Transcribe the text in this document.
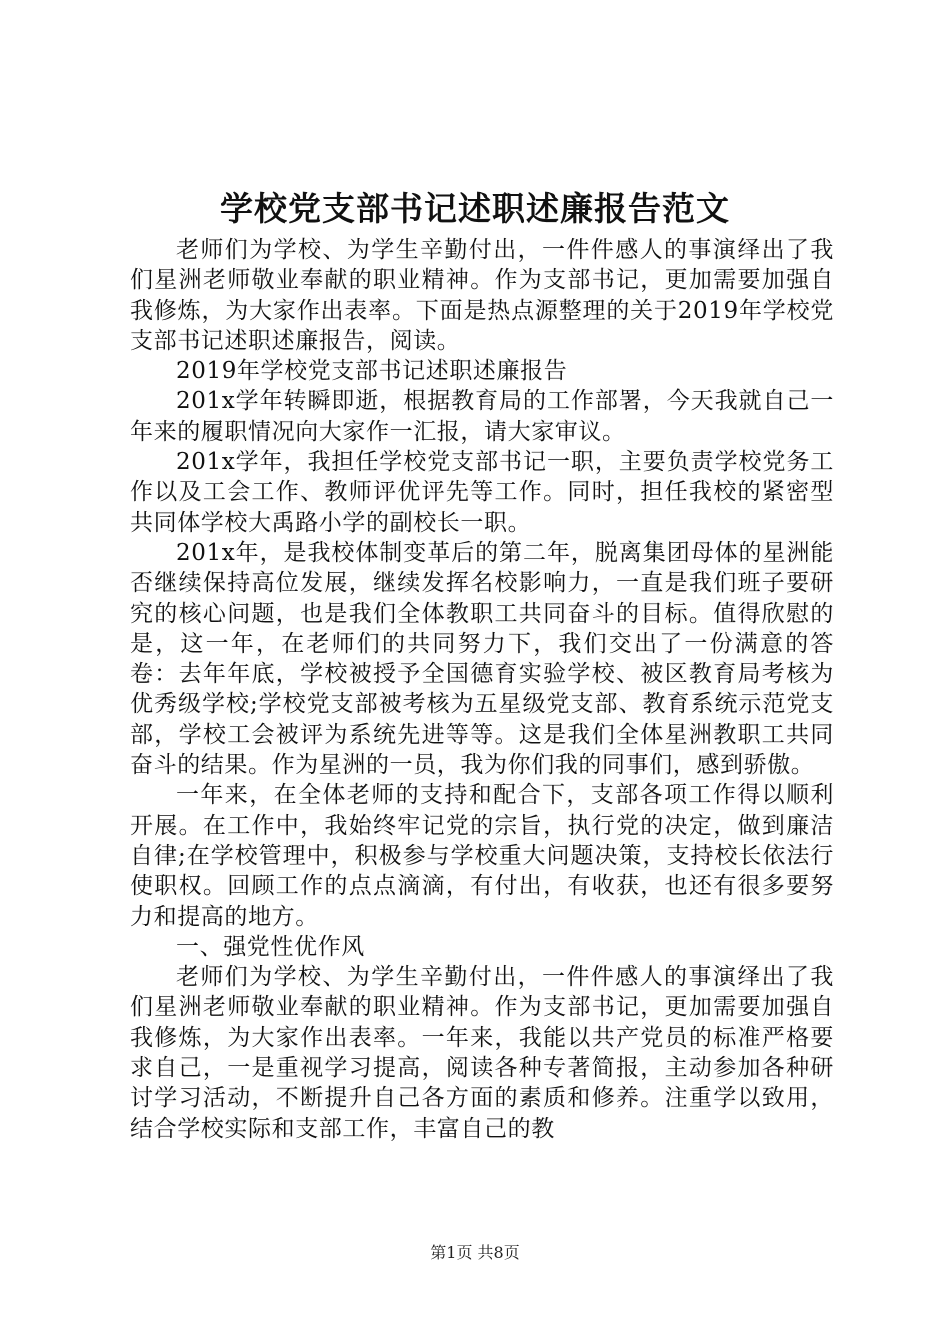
学校党支部书记述职述廉报告范文

老师们为学校、为学生辛勤付出，一件件感人的事演绎出了我们星洲老师敬业奉献的职业精神。作为支部书记，更加需要加强自我修炼，为大家作出表率。下面是热点源整理的关于2019年学校党支部书记述职述廉报告，阅读。

2019年学校党支部书记述职述廉报告

201x学年转瞬即逝，根据教育局的工作部署，今天我就自己一年来的履职情况向大家作一汇报，请大家审议。

201x学年，我担任学校党支部书记一职，主要负责学校党务工作以及工会工作、教师评优评先等工作。同时，担任我校的紧密型共同体学校大禹路小学的副校长一职。

201x年，是我校体制变革后的第二年，脱离集团母体的星洲能否继续保持高位发展，继续发挥名校影响力，一直是我们班子要研究的核心问题，也是我们全体教职工共同奋斗的目标。值得欣慰的是，这一年，在老师们的共同努力下，我们交出了一份满意的答卷：去年年底，学校被授予全国德育实验学校、被区教育局考核为优秀级学校;学校党支部被考核为五星级党支部、教育系统示范党支部，学校工会被评为系统先进等等。这是我们全体星洲教职工共同奋斗的结果。作为星洲的一员，我为你们我的同事们，感到骄傲。

一年来，在全体老师的支持和配合下，支部各项工作得以顺利开展。在工作中，我始终牢记党的宗旨，执行党的决定，做到廉洁自律;在学校管理中，积极参与学校重大问题决策，支持校长依法行使职权。回顾工作的点点滴滴，有付出，有收获，也还有很多要努力和提高的地方。

一、强党性优作风

老师们为学校、为学生辛勤付出，一件件感人的事演绎出了我们星洲老师敬业奉献的职业精神。作为支部书记，更加需要加强自我修炼，为大家作出表率。一年来，我能以共产党员的标准严格要求自己，一是重视学习提高，阅读各种专著简报，主动参加各种研讨学习活动，不断提升自己各方面的素质和修养。注重学以致用，结合学校实际和支部工作，丰富自己的教

第1页 共8页
